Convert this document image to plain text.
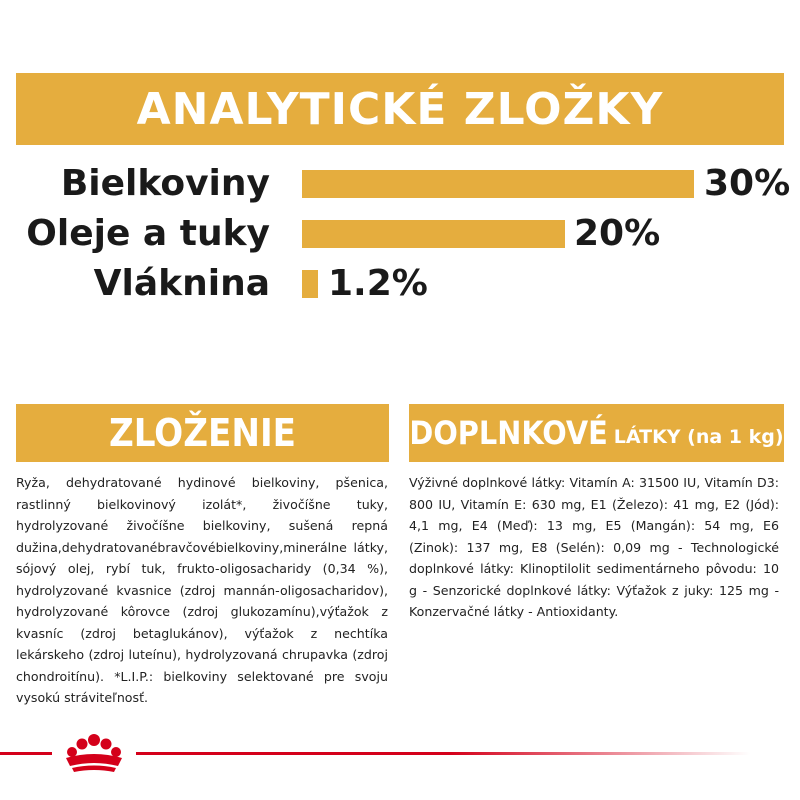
ANALYTICKÉ ZLOŽKY
Bielkoviny	30%
Oleje a tuky	20%
Vláknina 1.2%
ZLOŽENIE
Ryža, dehydratované hydinové bielkoviny, pšenica, rastlinný bielkovinový izolát*, živočíšne tuky, hydrolyzované živočíšne bielkoviny, sušená repná dužina,dehydratovanébravčovébielkoviny,minerálne látky, sójový olej, rybí tuk, frukto-oligosacharidy (0,34 %), hydrolyzované kvasnice (zdroj mannán-oligosacharidov), hydrolyzované kôrovce (zdroj glukozamínu),výťažok z kvasníc (zdroj betaglukánov), výťažok z nechtíka lekárskeho (zdroj luteínu), hydrolyzovaná chrupavka (zdroj chondroitínu). *L.I.P.: bielkoviny selektované pre svoju vysokú stráviteľnosť.
DOPLNKOVÉ LÁTKY (na 1 kg)
Výživné doplnkové látky: Vitamín A: 31500 IU, Vitamín D3: 800 IU, Vitamín E: 630 mg, E1 (Železo): 41 mg, E2 (Jód): 4,1 mg, E4 (Meď): 13 mg, E5 (Mangán): 54 mg, E6 (Zinok): 137 mg, E8 (Selén): 0,09 mg - Technologické doplnkové látky: Klinoptilolit sedimentárneho pôvodu: 10 g - Senzorické doplnkové látky: Výťažok z juky: 125 mg - Konzervačné látky - Antioxidanty.
